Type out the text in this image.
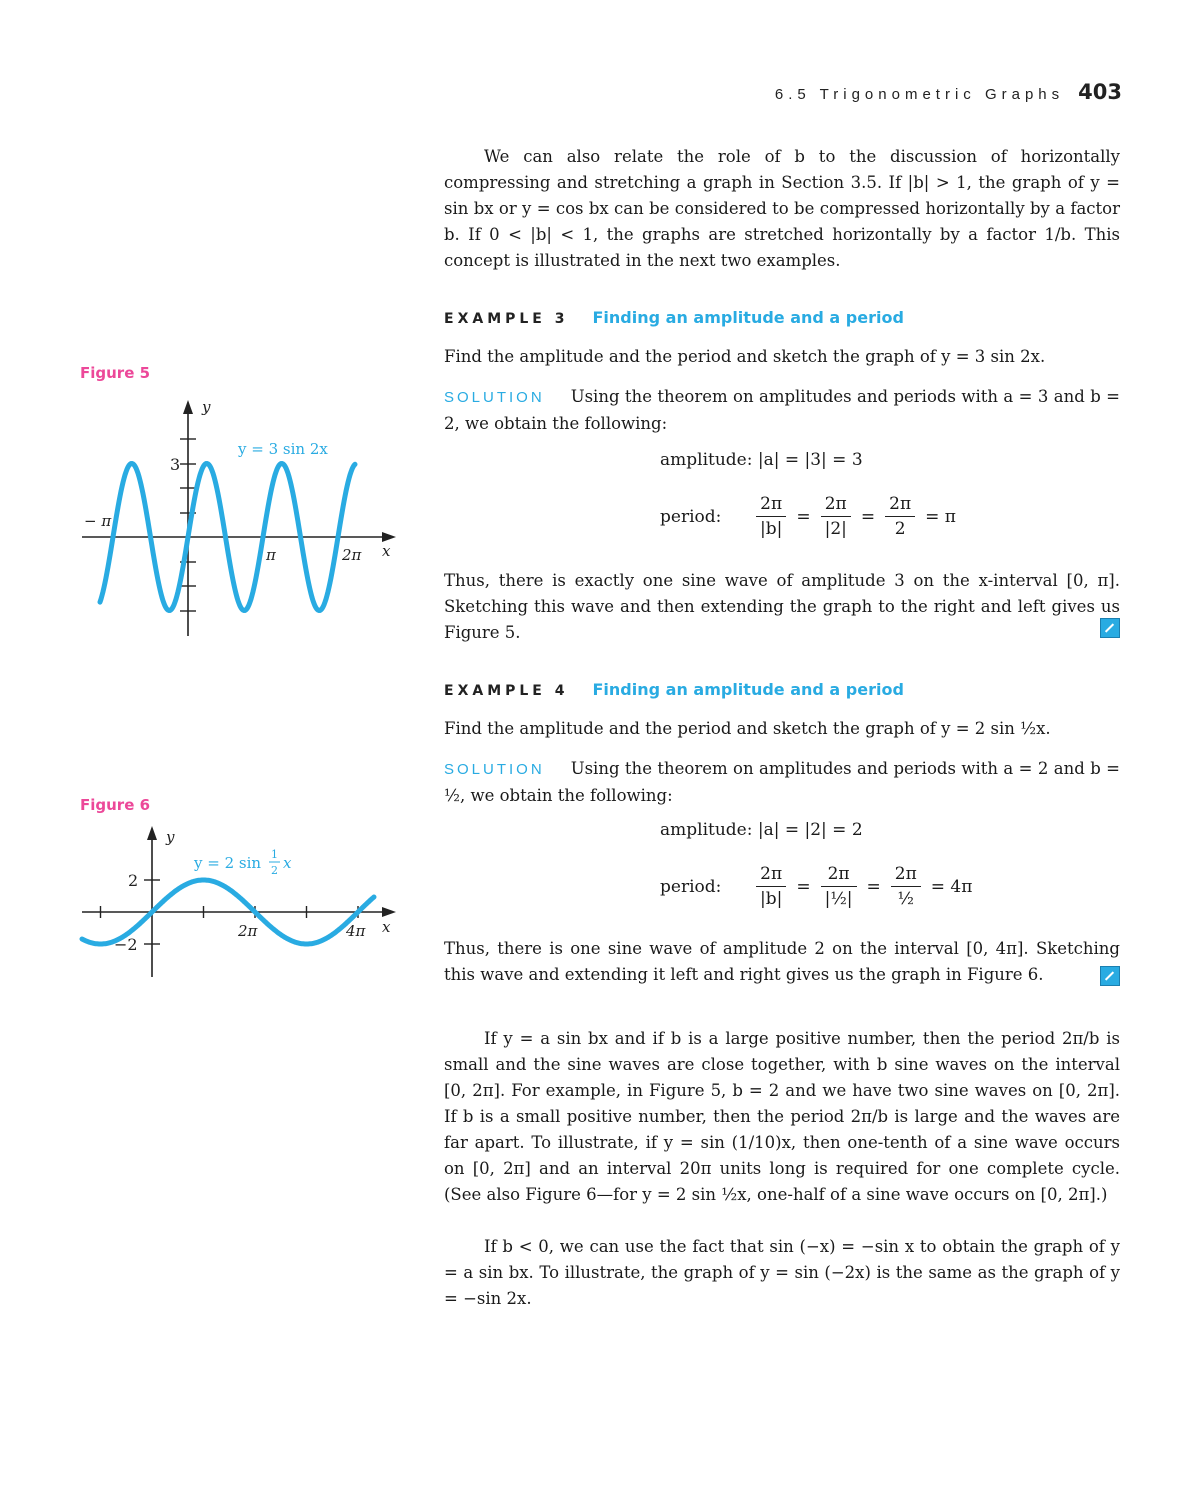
6.5 Trigonometric Graphs 403
We can also relate the role of b to the discussion of horizontally compressing and stretching a graph in Section 3.5. If |b| > 1, the graph of y = sin bx or y = cos bx can be considered to be compressed horizontally by a factor b. If 0 < |b| < 1, the graphs are stretched horizontally by a factor 1/b. This concept is illustrated in the next two examples.
EXAMPLE 3 Finding an amplitude and a period
Find the amplitude and the period and sketch the graph of y = 3 sin 2x.
SOLUTION Using the theorem on amplitudes and periods with a = 3 and b = 2, we obtain the following:
amplitude: |a| = |3| = 3
period:	$\frac{2\pi}{|b|} = \frac{2\pi}{|2|} = \frac{2\pi}{2} = \pi$
Thus, there is exactly one sine wave of amplitude 3 on the x-interval [0, π]. Sketching this wave and then extending the graph to the right and left gives us Figure 5.
EXAMPLE 4 Finding an amplitude and a period
Find the amplitude and the period and sketch the graph of y = 2 sin ½x.
SOLUTION Using the theorem on amplitudes and periods with a = 2 and b = ½, we obtain the following:
amplitude: |a| = |2| = 2
period:	$\frac{2\pi}{|b|} = \frac{2\pi}{\text{|½|}} = \frac{2\pi}{\text{½}} = 4\pi$
Thus, there is one sine wave of amplitude 2 on the interval [0, 4π]. Sketching this wave and extending it left and right gives us the graph in Figure 6.
If y = a sin bx and if b is a large positive number, then the period 2π/b is small and the sine waves are close together, with b sine waves on the interval [0, 2π]. For example, in Figure 5, b = 2 and we have two sine waves on [0, 2π]. If b is a small positive number, then the period 2π/b is large and the waves are far apart. To illustrate, if y = sin (1/10)x, then one-tenth of a sine wave occurs on [0, 2π] and an interval 20π units long is required for one complete cycle. (See also Figure 6—for y = 2 sin ½x, one-half of a sine wave occurs on [0, 2π].)
If b < 0, we can use the fact that sin (−x) = −sin x to obtain the graph of y = a sin bx. To illustrate, the graph of y = sin (−2x) is the same as the graph of y = −sin 2x.
Figure 5
y
x
3
− π
π	2π
y = 3 sin 2x
Figure 6
y
x
2
−2
2π	4π
y = 2 sin 1
2 x
